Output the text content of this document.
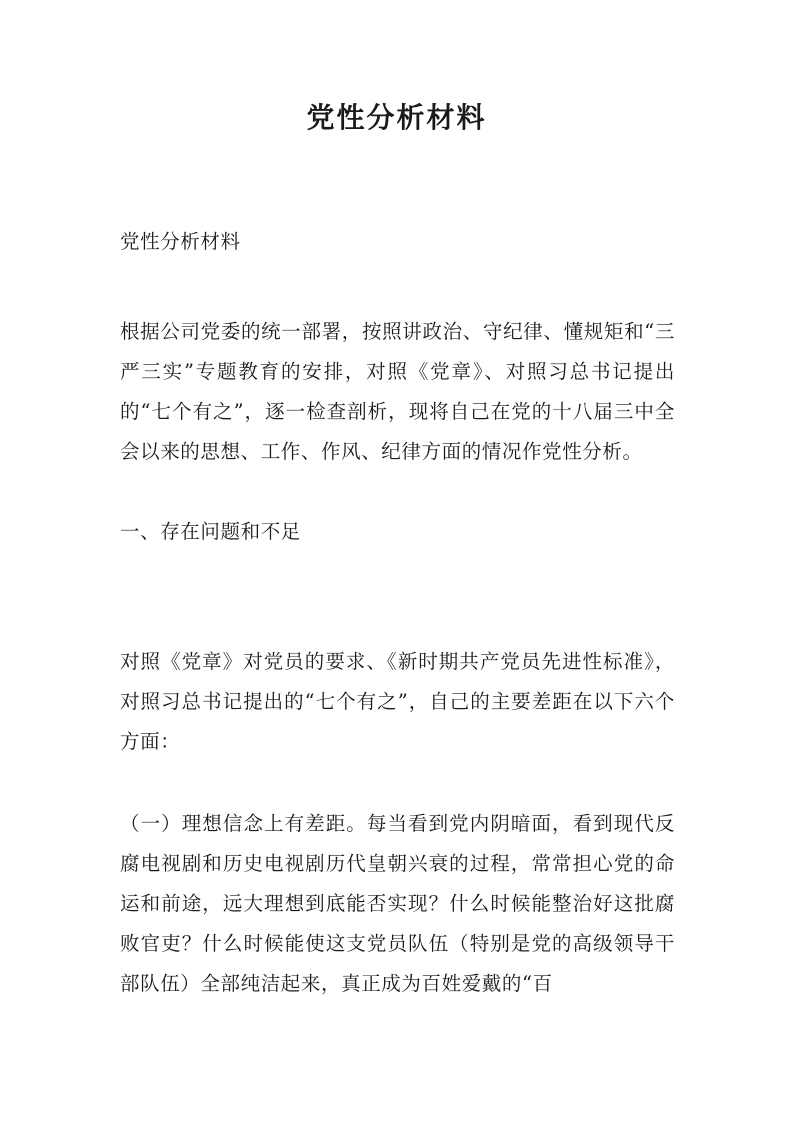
党性分析材料

党性分析材料

根据公司党委的统一部署，按照讲政治、守纪律、懂规矩和“三严三实”专题教育的安排，对照《党章》、对照习总书记提出的“七个有之”，逐一检查剖析，现将自己在党的十八届三中全会以来的思想、工作、作风、纪律方面的情况作党性分析。

一、存在问题和不足

对照《党章》对党员的要求、《新时期共产党员先进性标准》，对照习总书记提出的“七个有之”，自己的主要差距在以下六个方面：

（一）理想信念上有差距。每当看到党内阴暗面，看到现代反腐电视剧和历史电视剧历代皇朝兴衰的过程，常常担心党的命运和前途，远大理想到底能否实现？什么时候能整治好这批腐败官吏？什么时候能使这支党员队伍（特别是党的高级领导干部队伍）全部纯洁起来，真正成为百姓爱戴的“百
